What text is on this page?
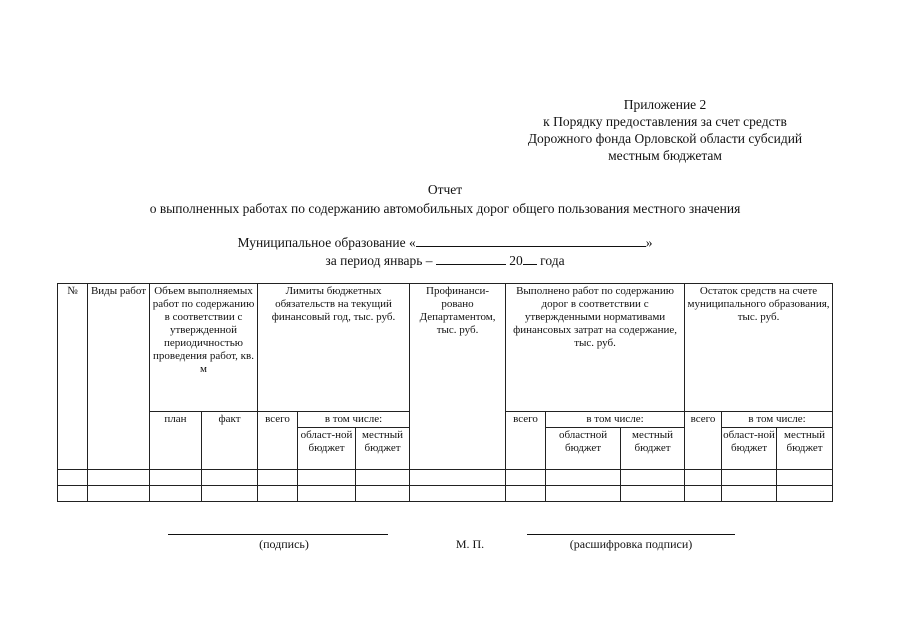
Приложение 2
к Порядку предоставления за счет средств
Дорожного фонда Орловской области субсидий
местным бюджетам
Отчет
о выполненных работах по содержанию автомобильных дорог общего пользования местного значения
Муниципальное образование «	»
за период январь –	20 года
№	Виды работ	Объем выполняемых работ по содержанию в соответствии с утвержденной периодичностью проведения работ, кв. м		Лимиты бюджетных обязательств на текущий финансовый год, тыс. руб.			Профинанси-ровано Департаментом, тыс. руб.	Выполнено работ по содержанию дорог в соответствии с утвержденными нормативами финансовых затрат на содержание, тыс. руб.			Остаток средств на счете муниципального образования, тыс. руб.		
		план	факт	всего	в том числе:			всего	в том числе:		всего	в том числе:	
					област-ной бюджет	местный бюджет			областной бюджет	местный бюджет		област-ной бюджет	местный бюджет

(подпись)	М. П.	(расшифровка подписи)
